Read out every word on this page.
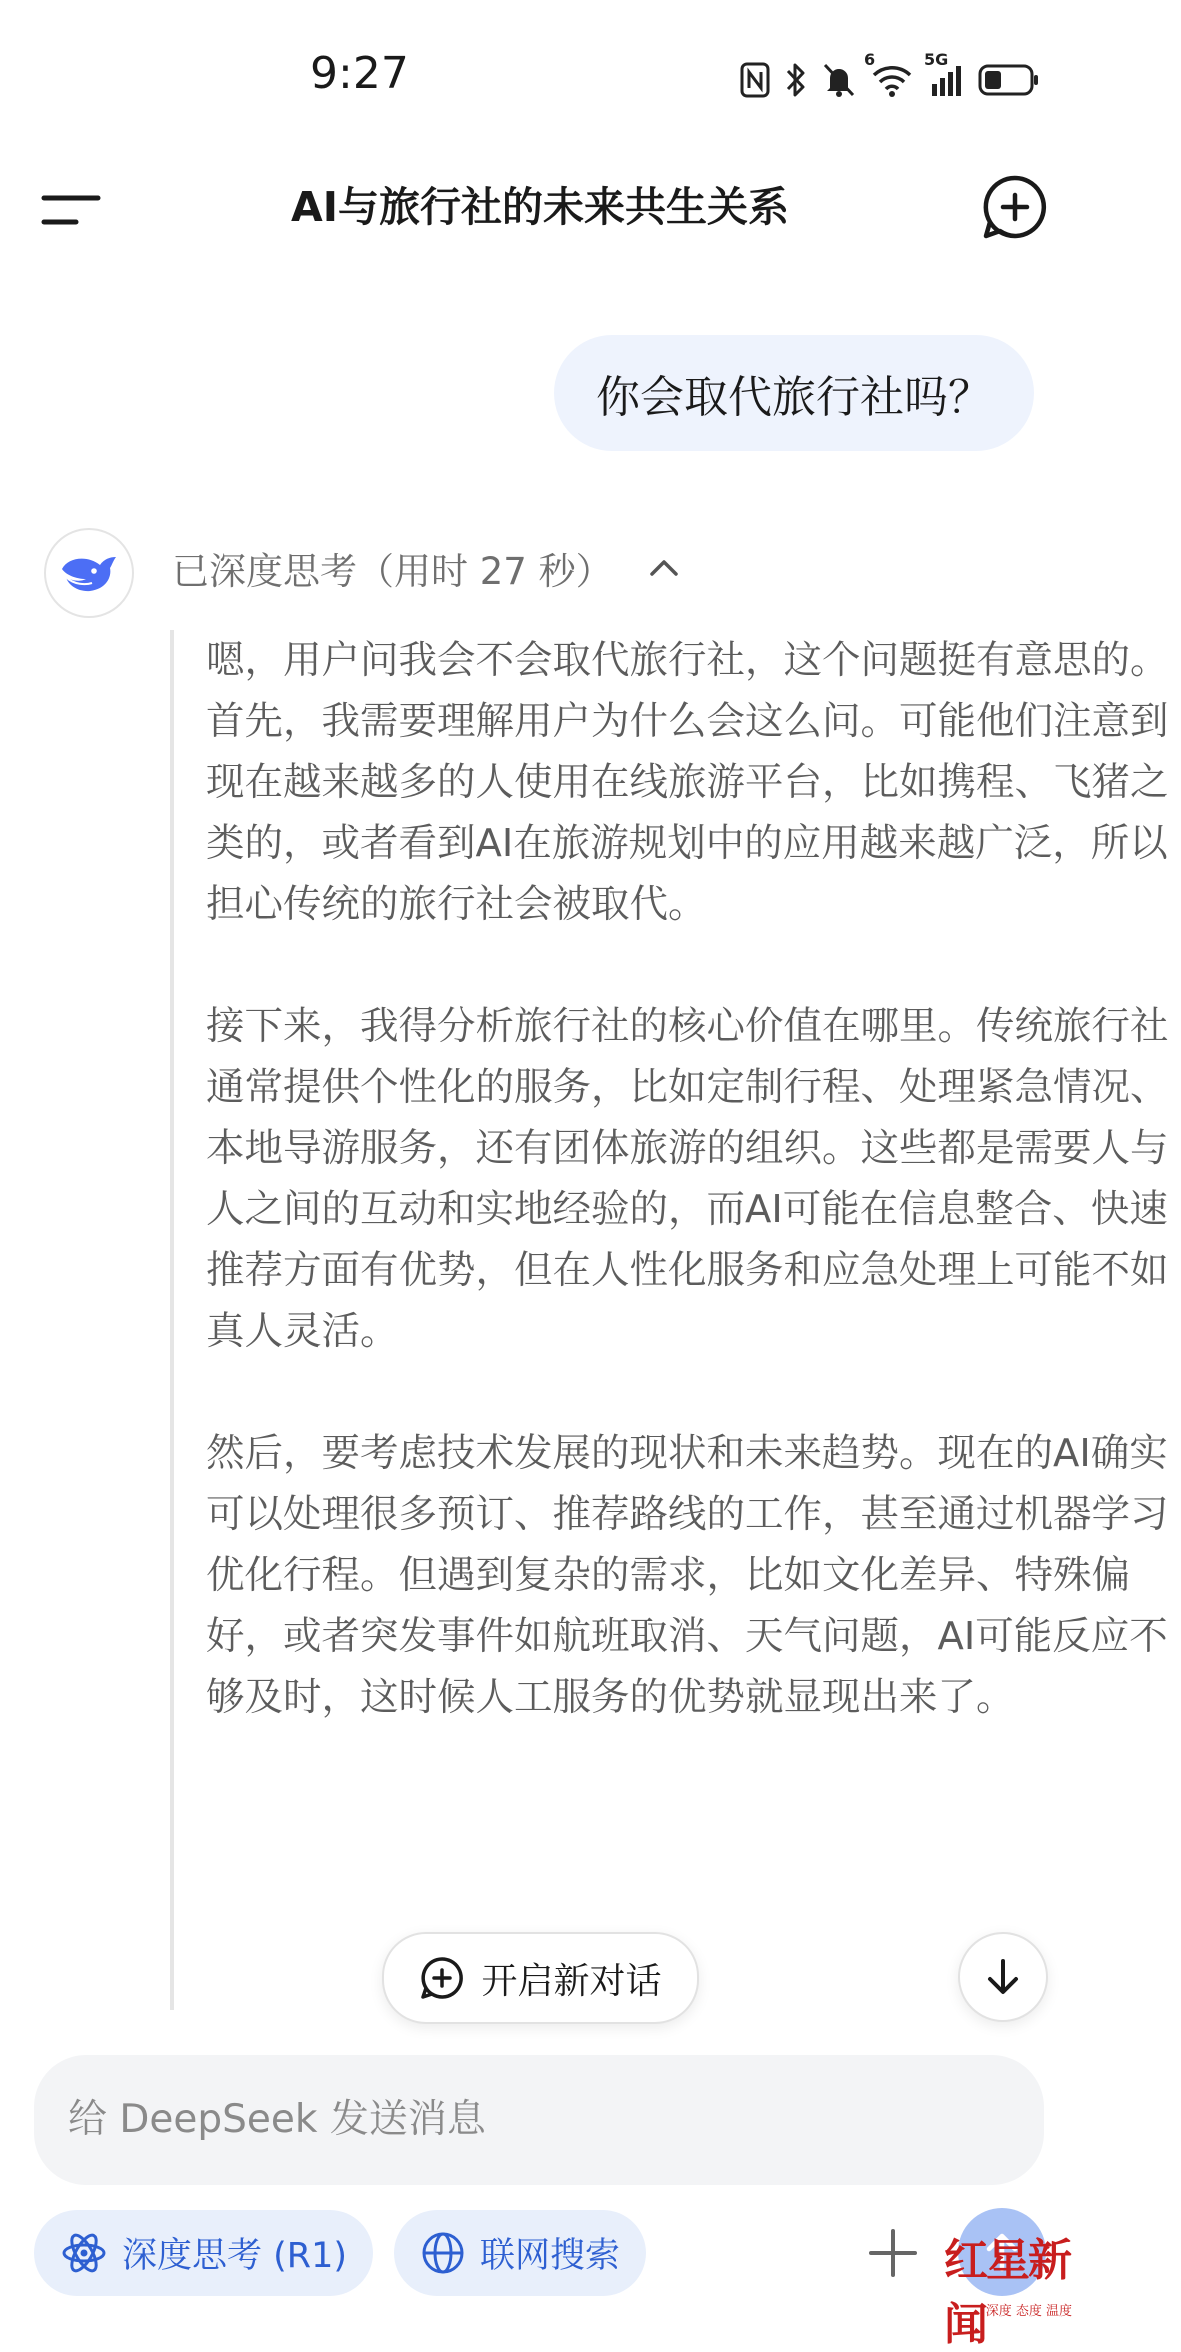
9:27	6	5G
AI与旅行社的未来共生关系
你会取代旅行社吗？
已深度思考（用时 27 秒）

嗯，用户问我会不会取代旅行社，这个问题挺有意思的。首先，我需要理解用户为什么会这么问。可能他们注意到现在越来越多的人使用在线旅游平台，比如携程、飞猪之类的，或者看到AI在旅游规划中的应用越来越广泛，所以担心传统的旅行社会被取代。

接下来，我得分析旅行社的核心价值在哪里。传统旅行社通常提供个性化的服务，比如定制行程、处理紧急情况、本地导游服务，还有团体旅游的组织。这些都是需要人与人之间的互动和实地经验的，而AI可能在信息整合、快速推荐方面有优势，但在人性化服务和应急处理上可能不如真人灵活。

然后，要考虑技术发展的现状和未来趋势。现在的AI确实可以处理很多预订、推荐路线的工作，甚至通过机器学习优化行程。但遇到复杂的需求，比如文化差异、特殊偏好，或者突发事件如航班取消、天气问题，AI可能反应不够及时，这时候人工服务的优势就显现出来了。

开启新对话
给 DeepSeek 发送消息
深度思考 (R1)	联网搜索	红星新闻 深度 态度 温度
